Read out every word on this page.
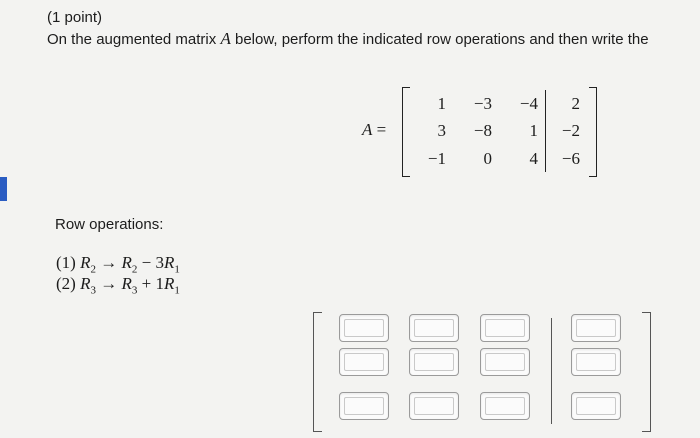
(1 point)
On the augmented matrix A below, perform the indicated row operations and then write the
A =
1	−3	−4	2
3	−8	1	−2
−1	0	4	−6
Row operations:
(1) $R_2 \to R_2 - 3R_1$
(2) $R_3 \to R_3 + 1R_1$
